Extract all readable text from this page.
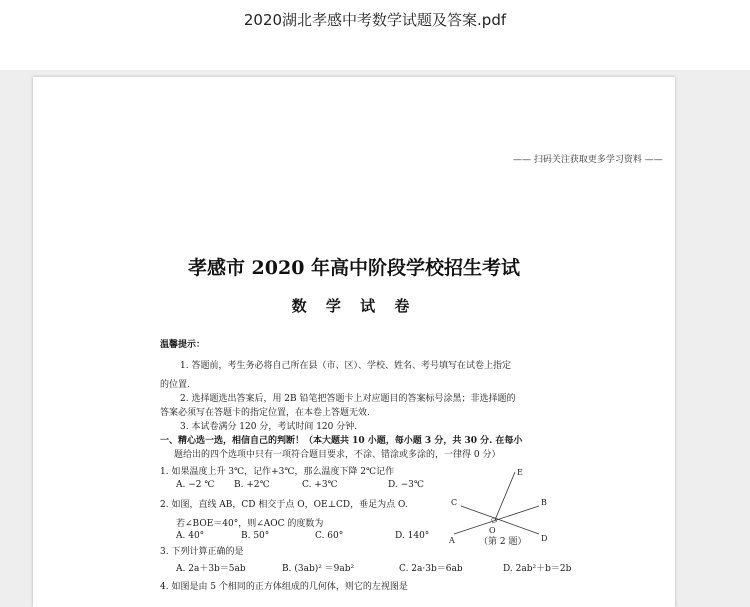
2020湖北孝感中考数学试题及答案.pdf
—— 扫码关注获取更多学习资料 ——
孝感市 2020 年高中阶段学校招生考试
数 学 试 卷
温馨提示：
1. 答题前，考生务必将自己所在县（市、区）、学校、姓名、考号填写在试卷上指定
的位置.
2. 选择题选出答案后，用 2B 铅笔把答题卡上对应题目的答案标号涂黑；非选择题的
答案必须写在答题卡的指定位置，在本卷上答题无效.
3. 本试卷满分 120 分，考试时间 120 分钟.
一、精心选一选，相信自己的判断！（本大题共 10 小题，每小题 3 分，共 30 分. 在每小
题给出的四个选项中只有一项符合题目要求，不涂、错涂或多涂的，一律得 0 分）
1. 如果温度上升 3℃，记作+3℃，那么温度下降 2℃记作
A. −2 ℃	B. +2℃	C. +3℃	D. −3℃
2. 如图，直线 AB，CD 相交于点 O，OE⊥CD，垂足为点 O.
若∠BOE＝40°，则∠AOC 的度数为
A. 40°	B. 50°	C. 60°	D. 140° A
B
C
D
E
O
（第 2 题）
3. 下列计算正确的是
A. 2a＋3b＝5ab	B. (3ab)² ＝9ab²	C. 2a·3b＝6ab	D. 2ab²＋b＝2b
4. 如图是由 5 个相同的正方体组成的几何体，则它的左视图是
